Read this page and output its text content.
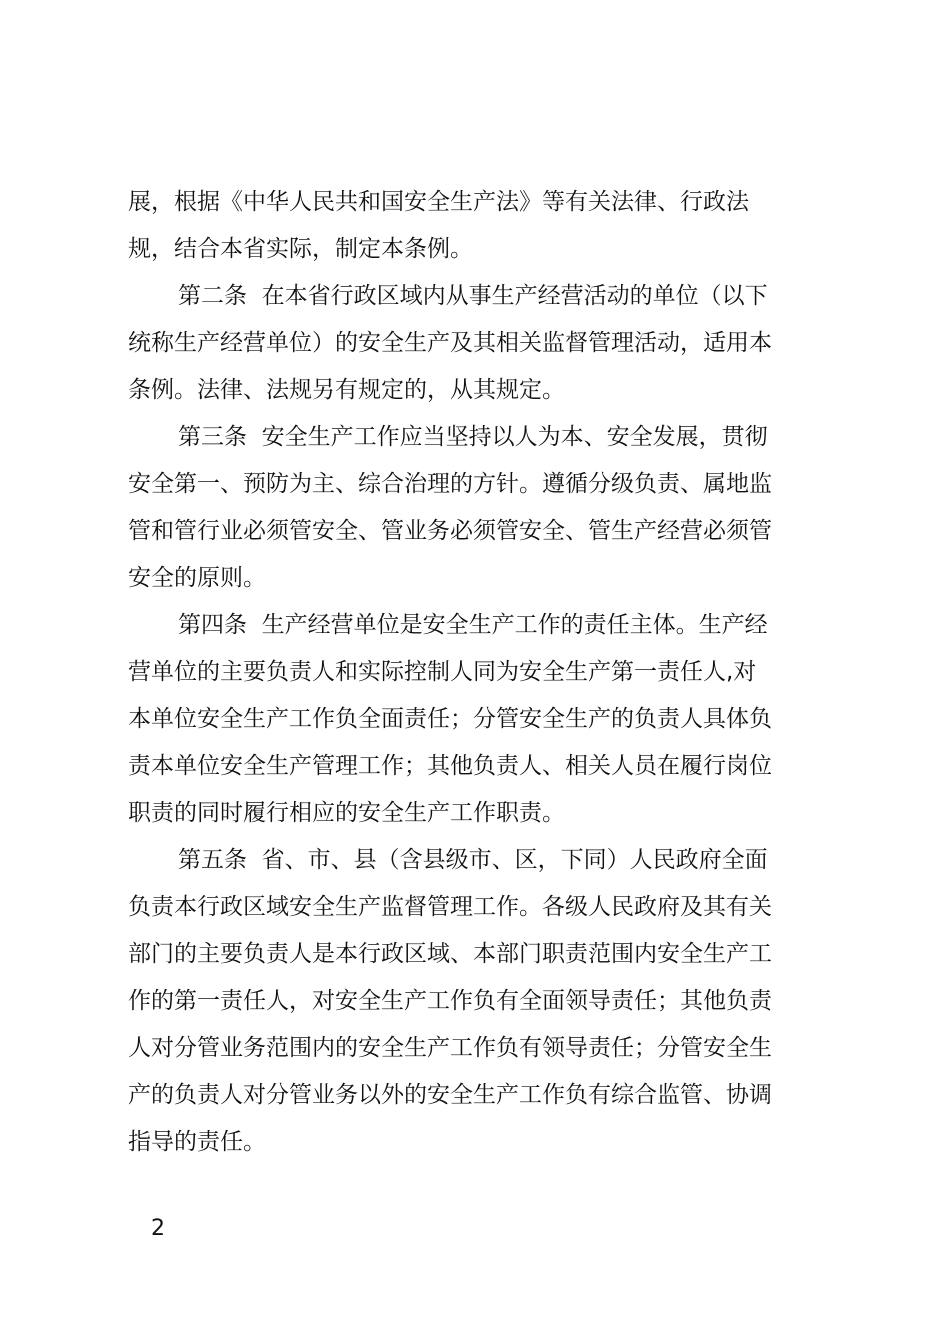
展，根据《中华人民共和国安全生产法》等有关法律、行政法
规，结合本省实际，制定本条例。
第二条  在本省行政区域内从事生产经营活动的单位（以下
统称生产经营单位）的安全生产及其相关监督管理活动，适用本
条例。法律、法规另有规定的，从其规定。
第三条  安全生产工作应当坚持以人为本、安全发展，贯彻
安全第一、预防为主、综合治理的方针。遵循分级负责、属地监
管和管行业必须管安全、管业务必须管安全、管生产经营必须管
安全的原则。
第四条  生产经营单位是安全生产工作的责任主体。生产经
营单位的主要负责人和实际控制人同为安全生产第一责任人,对
本单位安全生产工作负全面责任；分管安全生产的负责人具体负
责本单位安全生产管理工作；其他负责人、相关人员在履行岗位
职责的同时履行相应的安全生产工作职责。
第五条  省、市、县（含县级市、区，下同）人民政府全面
负责本行政区域安全生产监督管理工作。各级人民政府及其有关
部门的主要负责人是本行政区域、本部门职责范围内安全生产工
作的第一责任人，对安全生产工作负有全面领导责任；其他负责
人对分管业务范围内的安全生产工作负有领导责任；分管安全生
产的负责人对分管业务以外的安全生产工作负有综合监管、协调
指导的责任。
2
